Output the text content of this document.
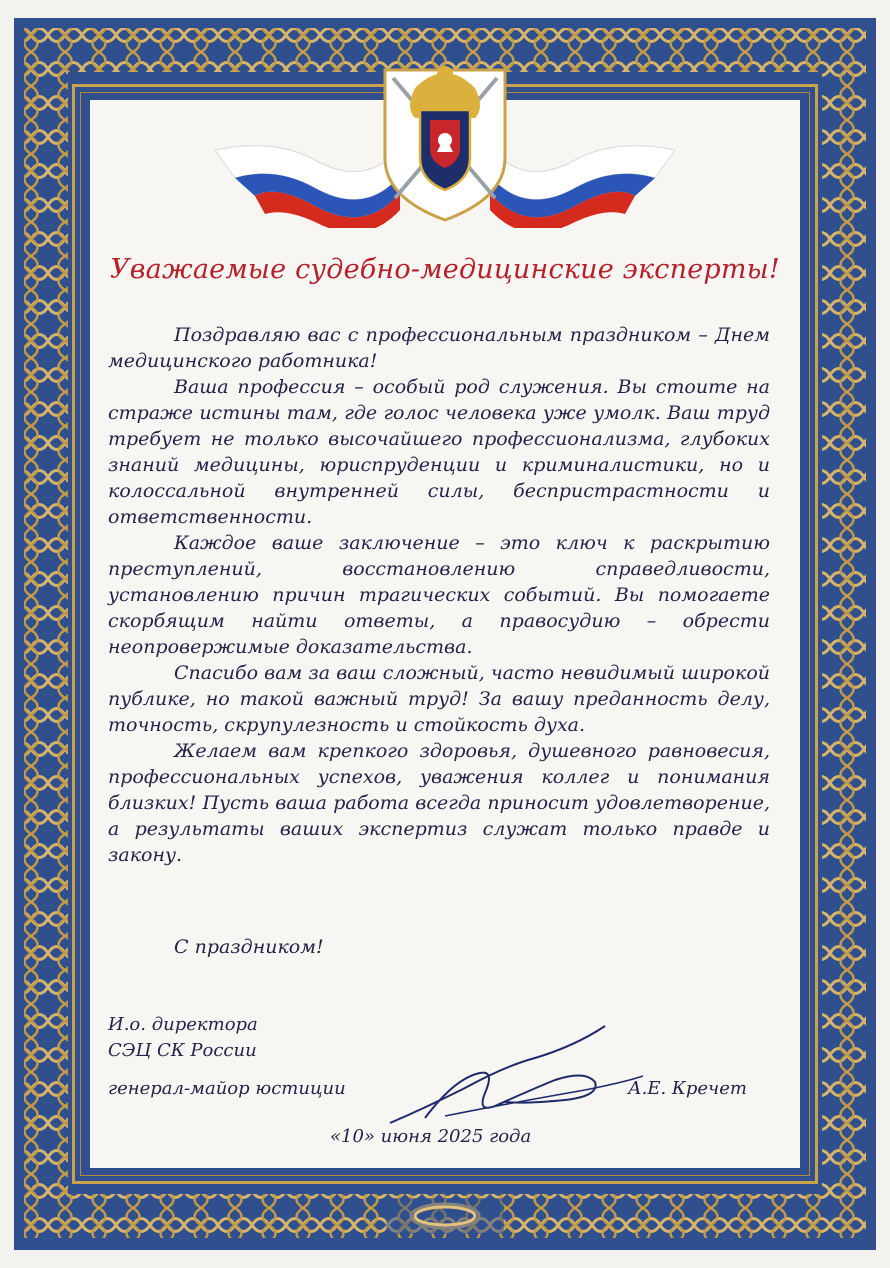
Уважаемые судебно-медицинские эксперты!

Поздравляю вас с профессиональным праздником – Днем медицинского работника!

Ваша профессия – особый род служения. Вы стоите на страже истины там, где голос человека уже умолк. Ваш труд требует не только высочайшего профессионализма, глубоких знаний медицины, юриспруденции и криминалистики, но и колоссальной внутренней силы, беспристрастности и ответственности.

Каждое ваше заключение – это ключ к раскрытию преступлений, восстановлению справедливости, установлению причин трагических событий. Вы помогаете скорбящим найти ответы, а правосудию – обрести неопровержимые доказательства.

Спасибо вам за ваш сложный, часто невидимый широкой публике, но такой важный труд! За вашу преданность делу, точность, скрупулезность и стойкость духа.

Желаем вам крепкого здоровья, душевного равновесия, профессиональных успехов, уважения коллег и понимания близких! Пусть ваша работа всегда приносит удовлетворение, а результаты ваших экспертиз служат только правде и закону.

С праздником!
И.о. директора
СЭЦ СК России
генерал-майор юстиции	А.Е. Кречет
«10» июня 2025 года
